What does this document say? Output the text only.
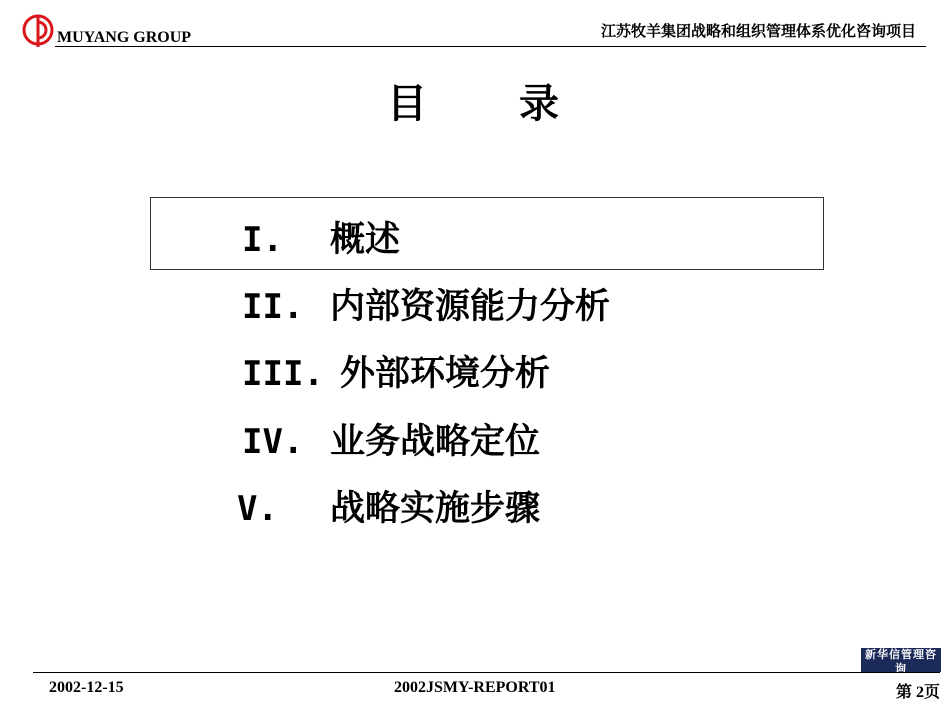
MUYANG GROUP	江苏牧羊集团战略和组织管理体系优化咨询项目
目　　录
I. 概述
II. 内部资源能力分析
III. 外部环境分析
IV. 业务战略定位
V. 战略实施步骤
新华信管理咨询
SINOTRUST
2002-12-15	2002JSMY-REPORT01	第 2页
